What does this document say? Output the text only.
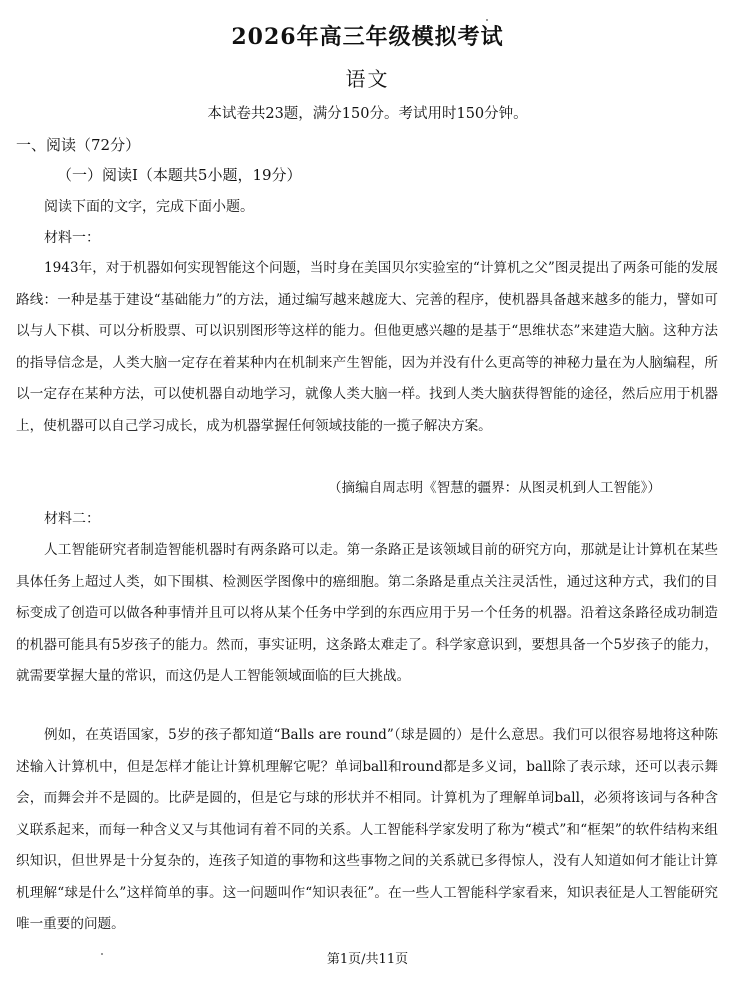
2026年高三年级模拟考试
语文
本试卷共23题，满分150分。考试用时150分钟。
一、阅读（72分）
（一）阅读I（本题共5小题，19分）
阅读下面的文字，完成下面小题。
材料一：

1943年，对于机器如何实现智能这个问题，当时身在美国贝尔实验室的“计算机之父”图灵提出了两条可能的发展路线：一种是基于建设“基础能力”的方法，通过编写越来越庞大、完善的程序，使机器具备越来越多的能力，譬如可以与人下棋、可以分析股票、可以识别图形等这样的能力。但他更感兴趣的是基于“思维状态”来建造大脑。这种方法的指导信念是，人类大脑一定存在着某种内在机制来产生智能，因为并没有什么更高等的神秘力量在为人脑编程，所以一定存在某种方法，可以使机器自动地学习，就像人类大脑一样。找到人类大脑获得智能的途径，然后应用于机器上，使机器可以自己学习成长，成为机器掌握任何领域技能的一揽子解决方案。

（摘编自周志明《智慧的疆界：从图灵机到人工智能》）
材料二：

人工智能研究者制造智能机器时有两条路可以走。第一条路正是该领域目前的研究方向，那就是让计算机在某些具体任务上超过人类，如下围棋、检测医学图像中的癌细胞。第二条路是重点关注灵活性，通过这种方式，我们的目标变成了创造可以做各种事情并且可以将从某个任务中学到的东西应用于另一个任务的机器。沿着这条路径成功制造的机器可能具有5岁孩子的能力。然而，事实证明，这条路太难走了。科学家意识到，要想具备一个5岁孩子的能力，就需要掌握大量的常识，而这仍是人工智能领域面临的巨大挑战。

例如，在英语国家，5岁的孩子都知道“Balls are round”（球是圆的）是什么意思。我们可以很容易地将这种陈述输入计算机中，但是怎样才能让计算机理解它呢？单词ball和round都是多义词，ball除了表示球，还可以表示舞会，而舞会并不是圆的。比萨是圆的，但是它与球的形状并不相同。计算机为了理解单词ball，必须将该词与各种含义联系起来，而每一种含义又与其他词有着不同的关系。人工智能科学家发明了称为“模式”和“框架”的软件结构来组织知识，但世界是十分复杂的，连孩子知道的事物和这些事物之间的关系就已多得惊人，没有人知道如何才能让计算机理解“球是什么”这样简单的事。这一问题叫作“知识表征”。在一些人工智能科学家看来，知识表征是人工智能研究唯一重要的问题。

第1页/共11页
